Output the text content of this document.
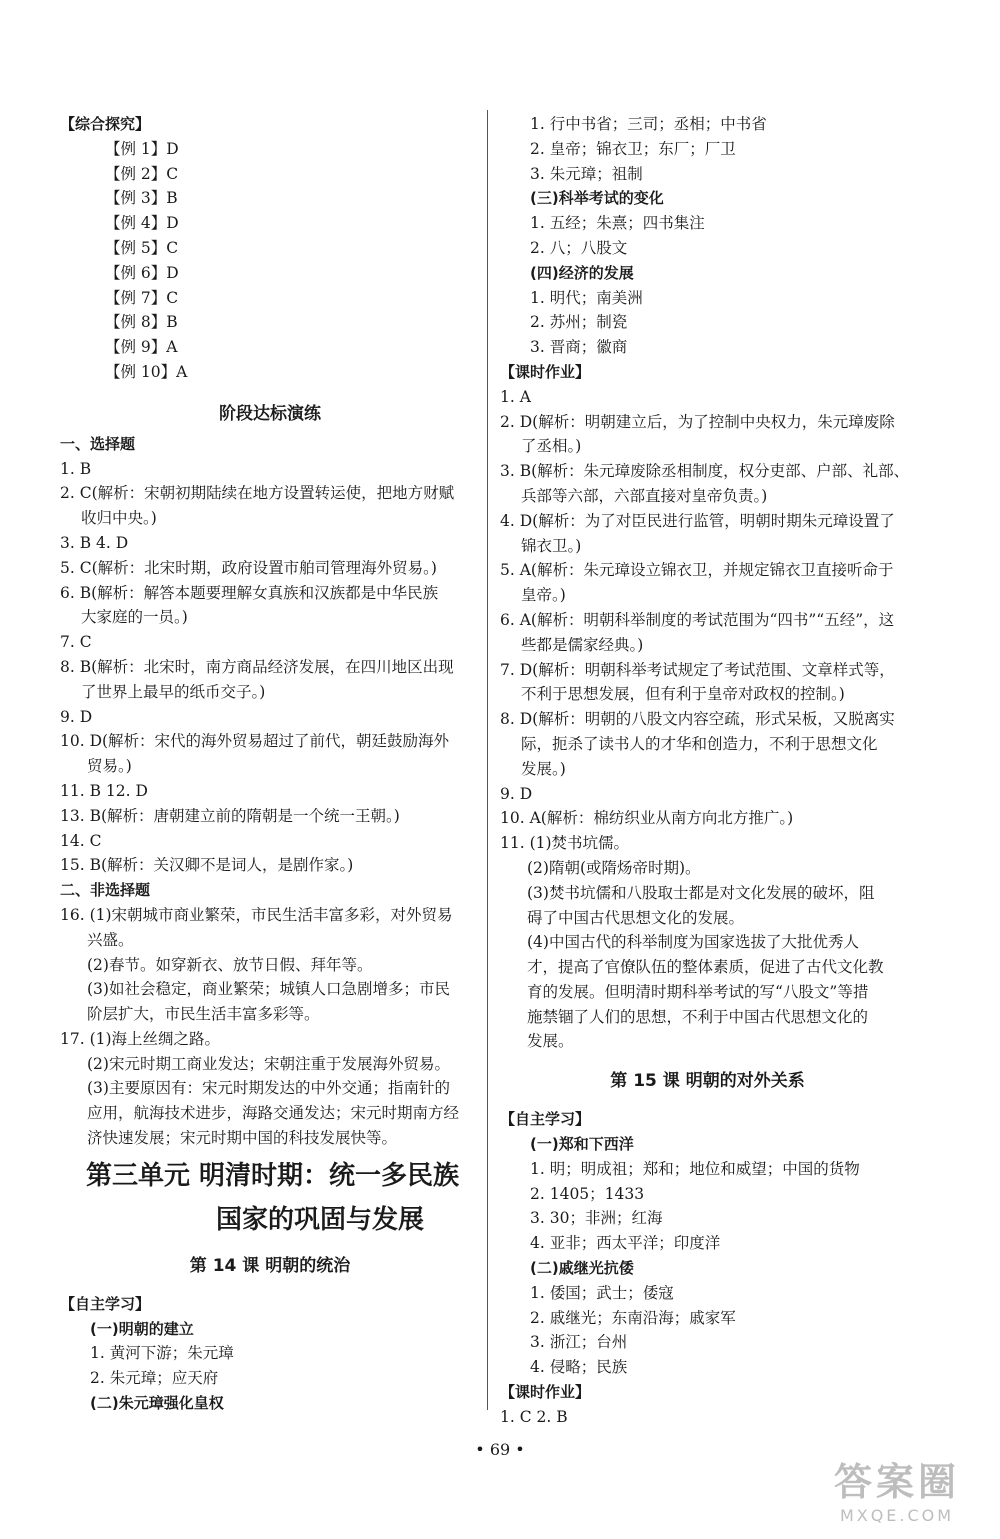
【综合探究】
【例 1】D
【例 2】C
【例 3】B
【例 4】D
【例 5】C
【例 6】D
【例 7】C
【例 8】B
【例 9】A
【例 10】A
阶段达标演练
一、选择题
1. B
2. C(解析：宋朝初期陆续在地方设置转运使，把地方财赋
收归中央。)
3. B 4. D
5. C(解析：北宋时期，政府设置市舶司管理海外贸易。)
6. B(解析：解答本题要理解女真族和汉族都是中华民族
大家庭的一员。)
7. C
8. B(解析：北宋时，南方商品经济发展，在四川地区出现
了世界上最早的纸币交子。)
9. D
10. D(解析：宋代的海外贸易超过了前代，朝廷鼓励海外
贸易。)
11. B 12. D
13. B(解析：唐朝建立前的隋朝是一个统一王朝。)
14. C
15. B(解析：关汉卿不是词人，是剧作家。)
二、非选择题
16. (1)宋朝城市商业繁荣，市民生活丰富多彩，对外贸易
兴盛。
(2)春节。如穿新衣、放节日假、拜年等。
(3)如社会稳定，商业繁荣；城镇人口急剧增多；市民
阶层扩大，市民生活丰富多彩等。
17. (1)海上丝绸之路。
(2)宋元时期工商业发达；宋朝注重于发展海外贸易。
(3)主要原因有：宋元时期发达的中外交通；指南针的
应用，航海技术进步，海路交通发达；宋元时期南方经
济快速发展；宋元时期中国的科技发展快等。
第三单元 明清时期：统一多民族
国家的巩固与发展
第 14 课 明朝的统治
【自主学习】
(一)明朝的建立
1. 黄河下游；朱元璋
2. 朱元璋；应天府
(二)朱元璋强化皇权
1. 行中书省；三司；丞相；中书省
2. 皇帝；锦衣卫；东厂；厂卫
3. 朱元璋；祖制
(三)科举考试的变化
1. 五经；朱熹；四书集注
2. 八；八股文
(四)经济的发展
1. 明代；南美洲
2. 苏州；制瓷
3. 晋商；徽商
【课时作业】
1. A
2. D(解析：明朝建立后，为了控制中央权力，朱元璋废除
了丞相。)
3. B(解析：朱元璋废除丞相制度，权分吏部、户部、礼部、
兵部等六部，六部直接对皇帝负责。)
4. D(解析：为了对臣民进行监管，明朝时期朱元璋设置了
锦衣卫。)
5. A(解析：朱元璋设立锦衣卫，并规定锦衣卫直接听命于
皇帝。)
6. A(解析：明朝科举制度的考试范围为“四书”“五经”，这
些都是儒家经典。)
7. D(解析：明朝科举考试规定了考试范围、文章样式等，
不利于思想发展，但有利于皇帝对政权的控制。)
8. D(解析：明朝的八股文内容空疏，形式呆板，又脱离实
际，扼杀了读书人的才华和创造力，不利于思想文化
发展。)
9. D
10. A(解析：棉纺织业从南方向北方推广。)
11. (1)焚书坑儒。
(2)隋朝(或隋炀帝时期)。
(3)焚书坑儒和八股取士都是对文化发展的破坏，阻
碍了中国古代思想文化的发展。
(4)中国古代的科举制度为国家选拔了大批优秀人
才，提高了官僚队伍的整体素质，促进了古代文化教
育的发展。但明清时期科举考试的写“八股文”等措
施禁锢了人们的思想，不利于中国古代思想文化的
发展。
第 15 课 明朝的对外关系
【自主学习】
(一)郑和下西洋
1. 明；明成祖；郑和；地位和威望；中国的货物
2. 1405；1433
3. 30；非洲；红海
4. 亚非；西太平洋；印度洋
(二)戚继光抗倭
1. 倭国；武士；倭寇
2. 戚继光；东南沿海；戚家军
3. 浙江；台州
4. 侵略；民族
【课时作业】
1. C 2. B
• 69 •
答案圈
MXQE.COM
